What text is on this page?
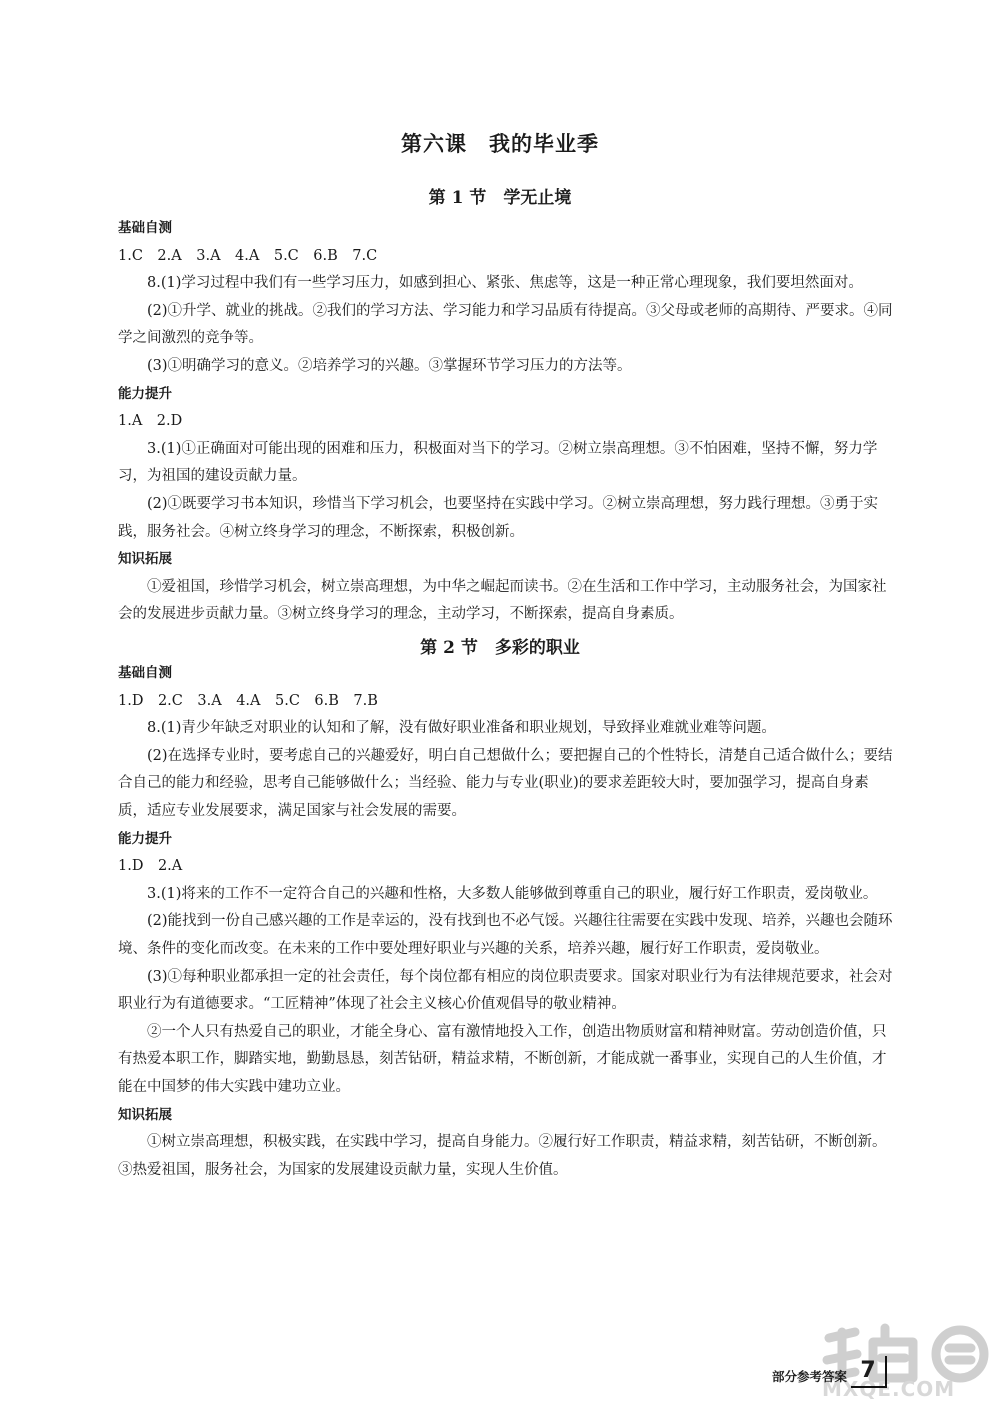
第六课　我的毕业季
第 1 节　学无止境
基础自测
1.C　2.A　3.A　4.A　5.C　6.B　7.C
8.(1)学习过程中我们有一些学习压力，如感到担心、紧张、焦虑等，这是一种正常心理现象，我们要坦然面对。
(2)①升学、就业的挑战。②我们的学习方法、学习能力和学习品质有待提高。③父母或老师的高期待、严要求。④同学之间激烈的竞争等。
(3)①明确学习的意义。②培养学习的兴趣。③掌握环节学习压力的方法等。
能力提升
1.A　2.D
3.(1)①正确面对可能出现的困难和压力，积极面对当下的学习。②树立崇高理想。③不怕困难，坚持不懈，努力学习，为祖国的建设贡献力量。
(2)①既要学习书本知识，珍惜当下学习机会，也要坚持在实践中学习。②树立崇高理想，努力践行理想。③勇于实践，服务社会。④树立终身学习的理念，不断探索，积极创新。
知识拓展
①爱祖国，珍惜学习机会，树立崇高理想，为中华之崛起而读书。②在生活和工作中学习，主动服务社会，为国家社会的发展进步贡献力量。③树立终身学习的理念，主动学习，不断探索，提高自身素质。
第 2 节　多彩的职业
基础自测
1.D　2.C　3.A　4.A　5.C　6.B　7.B
8.(1)青少年缺乏对职业的认知和了解，没有做好职业准备和职业规划，导致择业难就业难等问题。
(2)在选择专业时，要考虑自己的兴趣爱好，明白自己想做什么；要把握自己的个性特长，清楚自己适合做什么；要结合自己的能力和经验，思考自己能够做什么；当经验、能力与专业(职业)的要求差距较大时，要加强学习，提高自身素质，适应专业发展要求，满足国家与社会发展的需要。
能力提升
1.D　2.A
3.(1)将来的工作不一定符合自己的兴趣和性格，大多数人能够做到尊重自己的职业，履行好工作职责，爱岗敬业。
(2)能找到一份自己感兴趣的工作是幸运的，没有找到也不必气馁。兴趣往往需要在实践中发现、培养，兴趣也会随环境、条件的变化而改变。在未来的工作中要处理好职业与兴趣的关系，培养兴趣，履行好工作职责，爱岗敬业。
(3)①每种职业都承担一定的社会责任，每个岗位都有相应的岗位职责要求。国家对职业行为有法律规范要求，社会对职业行为有道德要求。“工匠精神”体现了社会主义核心价值观倡导的敬业精神。
②一个人只有热爱自己的职业，才能全身心、富有激情地投入工作，创造出物质财富和精神财富。劳动创造价值，只有热爱本职工作，脚踏实地，勤勤恳恳，刻苦钻研，精益求精，不断创新，才能成就一番事业，实现自己的人生价值，才能在中国梦的伟大实践中建功立业。
知识拓展
①树立崇高理想，积极实践，在实践中学习，提高自身能力。②履行好工作职责，精益求精，刻苦钻研，不断创新。③热爱祖国，服务社会，为国家的发展建设贡献力量，实现人生价值。
MXQE.COM
部分参考答案 7
